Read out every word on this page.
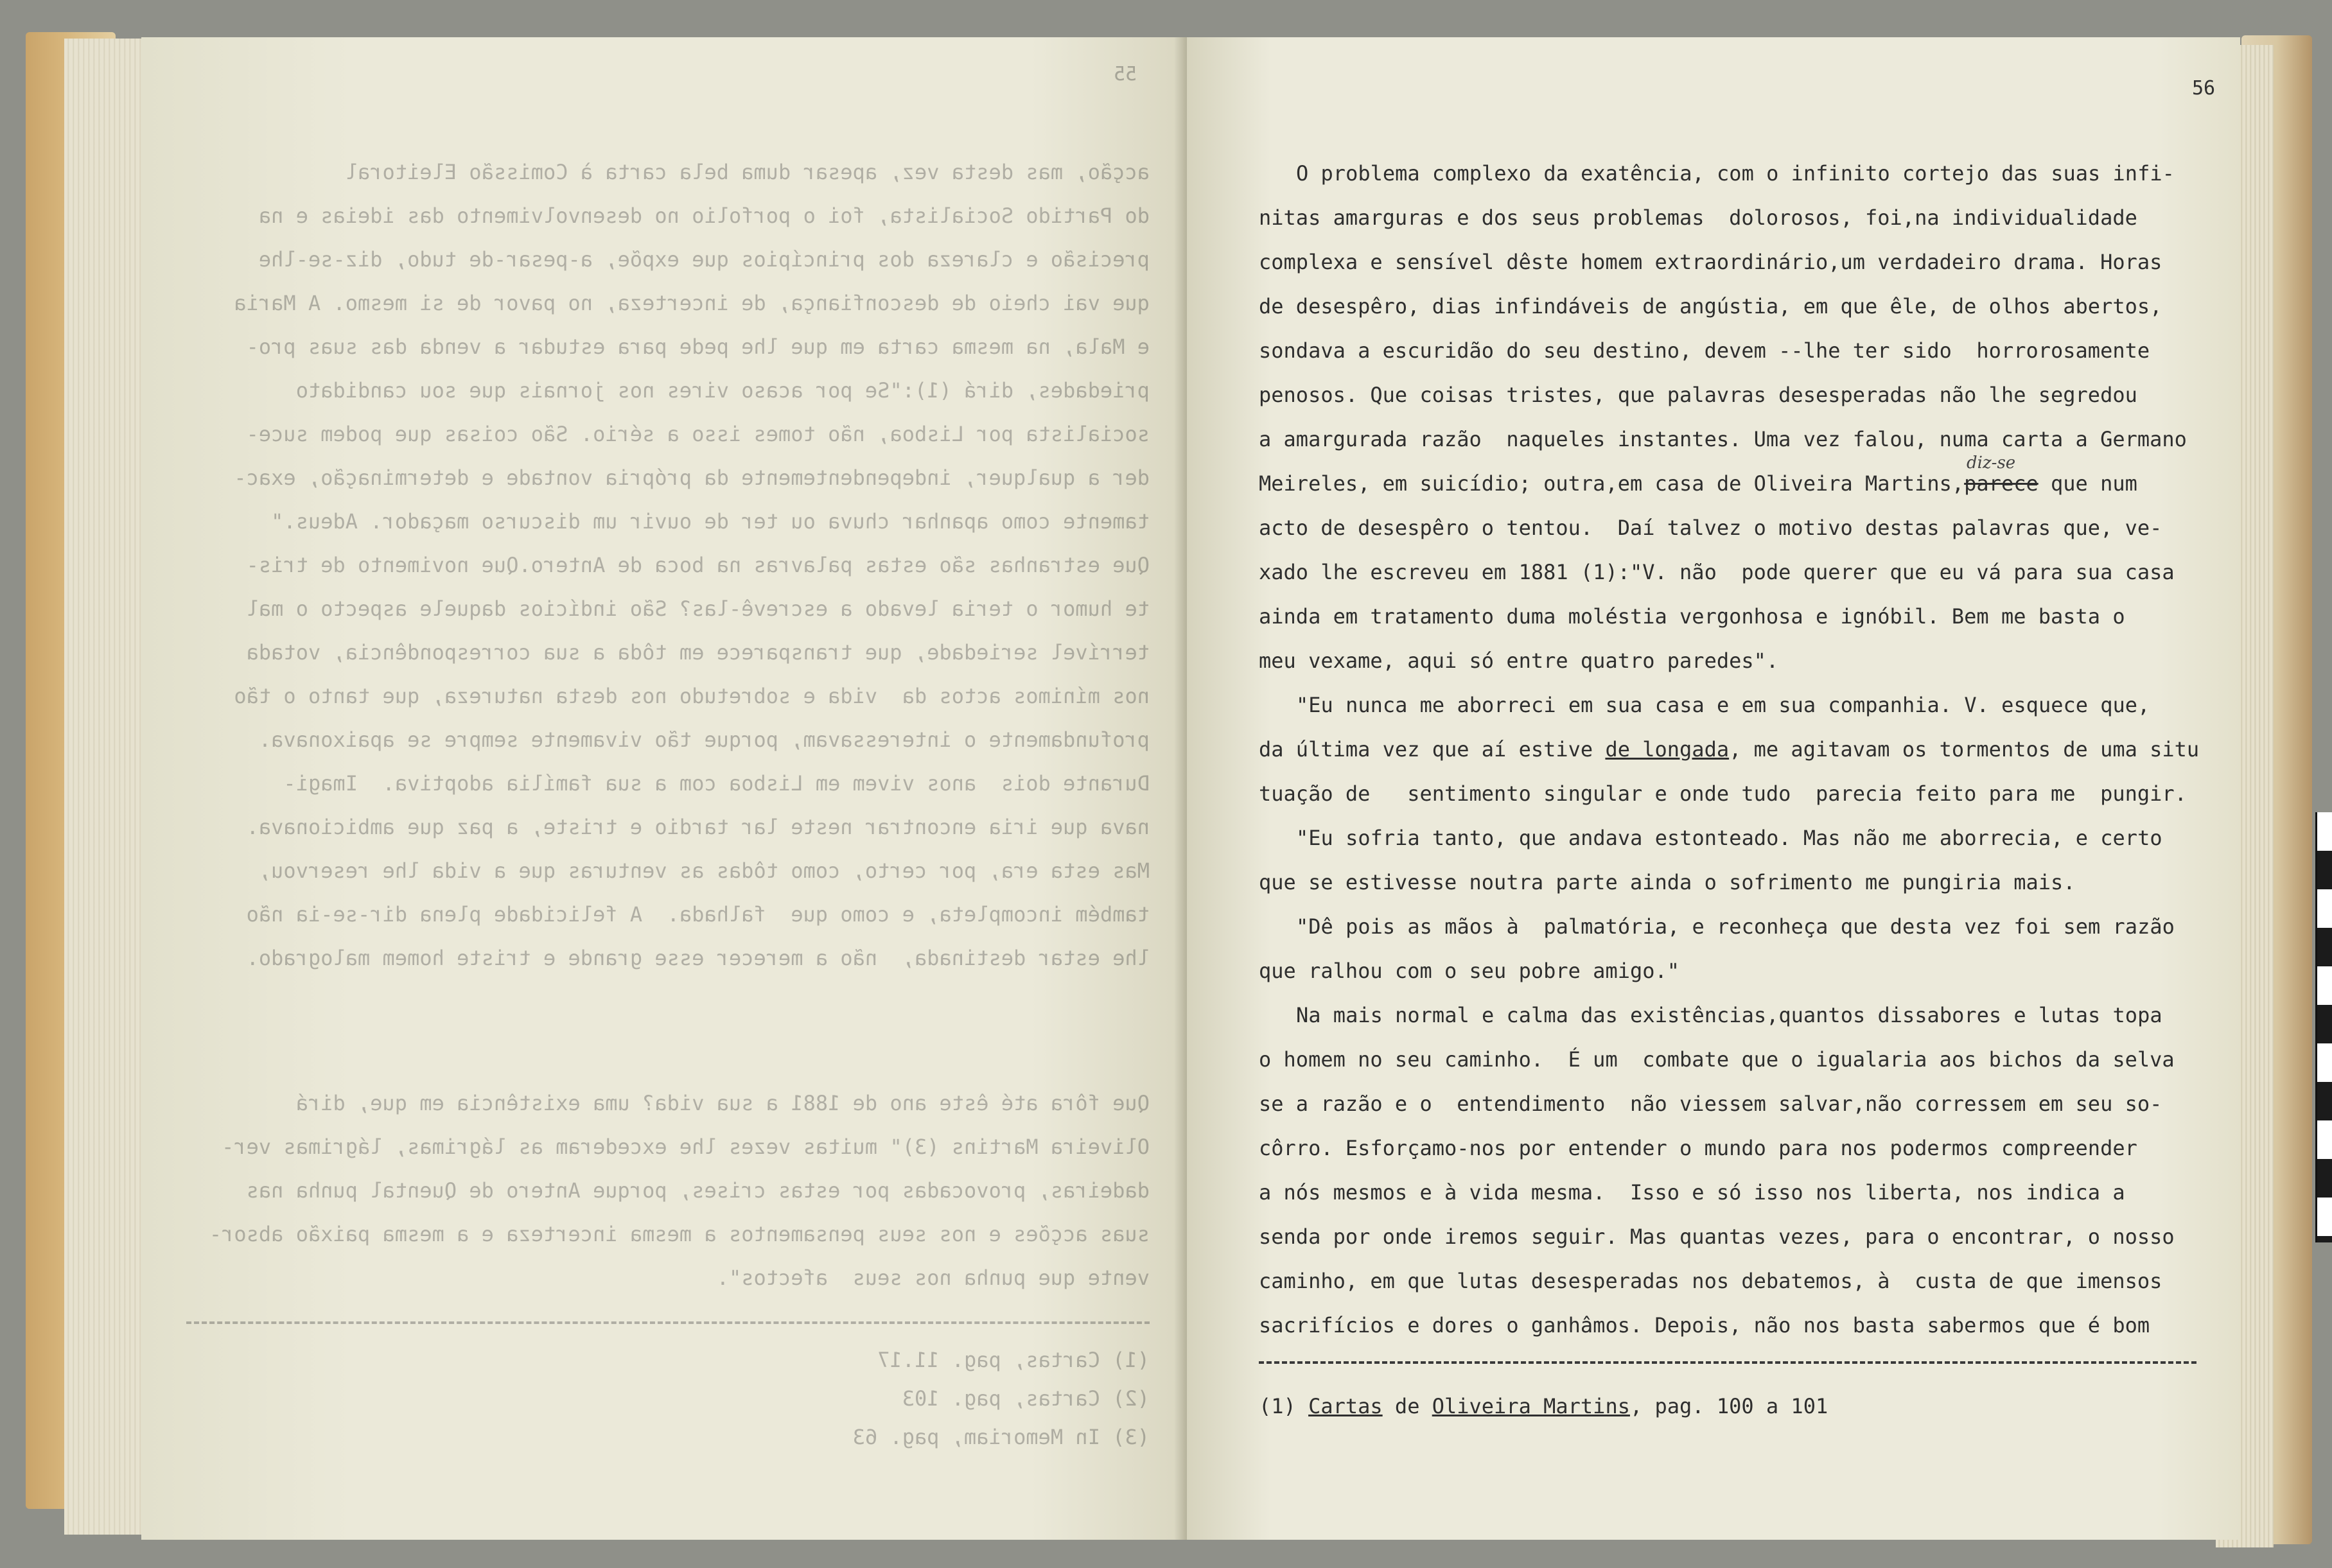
55
acção, mas desta vez, apesar duma bela carta à Comissão Eleitoral
do Partido Socialista, foi o porfolio no desenvolvimento das ideias e na
precisão e clareza dos princípios que expõe, a-pesar-de tudo, diz-se-lhe
que vai cheio de desconfiança, de incerteza, no pavor de si mesmo. A Maria
e Mala, na mesma carta em que lhe pede para estudar a venda das suas pro-
priedades, dirá (1):"Se por acaso vires nos jornais que sou candidato
socialista por Lisboa, não tomes isso a sério. São coisas que podem suce-
der a qualquer, independentemente da própria vontade e determinação, exac-
tamente como apanhar chuva ou ter de ouvir um discurso maçador. Adeus."
Que estranhas são estas palavras na boca de Antero.Que novimento de tris-
te humor o teria levado a escrevê-las? São indícios daquele aspecto o mal
terrível seriedade, que transparece em tôda a sua correspondência, votada
nos mínimos actos da  vida e sobretudo nos desta natureza, que tanto o tão
profundamente o interessavam, porque tão vivamente sempre se apaixonava.
Durante dois  anos vivem em Lisboa com a sua família adoptiva.  Imagi-
nava que iria encontrar neste lar tardio e triste, a paz que ambicionava.
Mas esta era, por certo, como tôdas as venturas que a vida lhe reservou,
também incompleta, e como que  falhada.  A felicidade plena dir-se-ia não
lhe estar destinada,  não a merecer esse grande e triste homem malogrado.
Que fôra até êste ano de 1881 a sua vida? uma existência em que, dirá
Oliveira Martins (3)" muitas vezes lhe excederam as lágrimas, lágrimas ver-
dadeiras, provocadas por estas crises, porque Antero de Quental punha nas
suas acções e nos seus pensamentos a mesma incerteza e a mesma paixão absor-
vente que punha nos seus  afectos".
(1) Cartas, pag. 11.17
(2) Cartas, pag. 103
(3) In Memoriam, pag. 63
56
O problema complexo da exatência, com o infinito cortejo das suas infi-
nitas amarguras e dos seus problemas  dolorosos, foi,na individualidade
complexa e sensível dêste homem extraordinário,um verdadeiro drama. Horas
de desespêro, dias infindáveis de angústia, em que êle, de olhos abertos,
sondava a escuridão do seu destino, devem --lhe ter sido  horrorosamente
penosos. Que coisas tristes, que palavras desesperadas não lhe segredou
a amargurada razão  naqueles instantes. Uma vez falou, numa carta a Germano
Meireles, em suicídio; outra,em casa de Oliveira Martins,parece que num
diz-se
acto de desespêro o tentou.  Daí talvez o motivo destas palavras que, ve-
xado lhe escreveu em 1881 (1):"V. não  pode querer que eu vá para sua casa
ainda em tratamento duma moléstia vergonhosa e ignóbil. Bem me basta o
meu vexame, aqui só entre quatro paredes".
"Eu nunca me aborreci em sua casa e em sua companhia. V. esquece que,
da última vez que aí estive de longada, me agitavam os tormentos de uma situ
tuação de   sentimento singular e onde tudo  parecia feito para me  pungir.
"Eu sofria tanto, que andava estonteado. Mas não me aborrecia, e certo
que se estivesse noutra parte ainda o sofrimento me pungiria mais.
"Dê pois as mãos à  palmatória, e reconheça que desta vez foi sem razão
que ralhou com o seu pobre amigo."
Na mais normal e calma das existências,quantos dissabores e lutas topa
o homem no seu caminho.  É um  combate que o igualaria aos bichos da selva
se a razão e o  entendimento  não viessem salvar,não corressem em seu so-
côrro. Esforçamo-nos por entender o mundo para nos podermos compreender
a nós mesmos e à vida mesma.  Isso e só isso nos liberta, nos indica a
senda por onde iremos seguir. Mas quantas vezes, para o encontrar, o nosso
caminho, em que lutas desesperadas nos debatemos, à  custa de que imensos
sacrifícios e dores o ganhâmos. Depois, não nos basta sabermos que é bom
(1) Cartas de Oliveira Martins, pag. 100 a 101
